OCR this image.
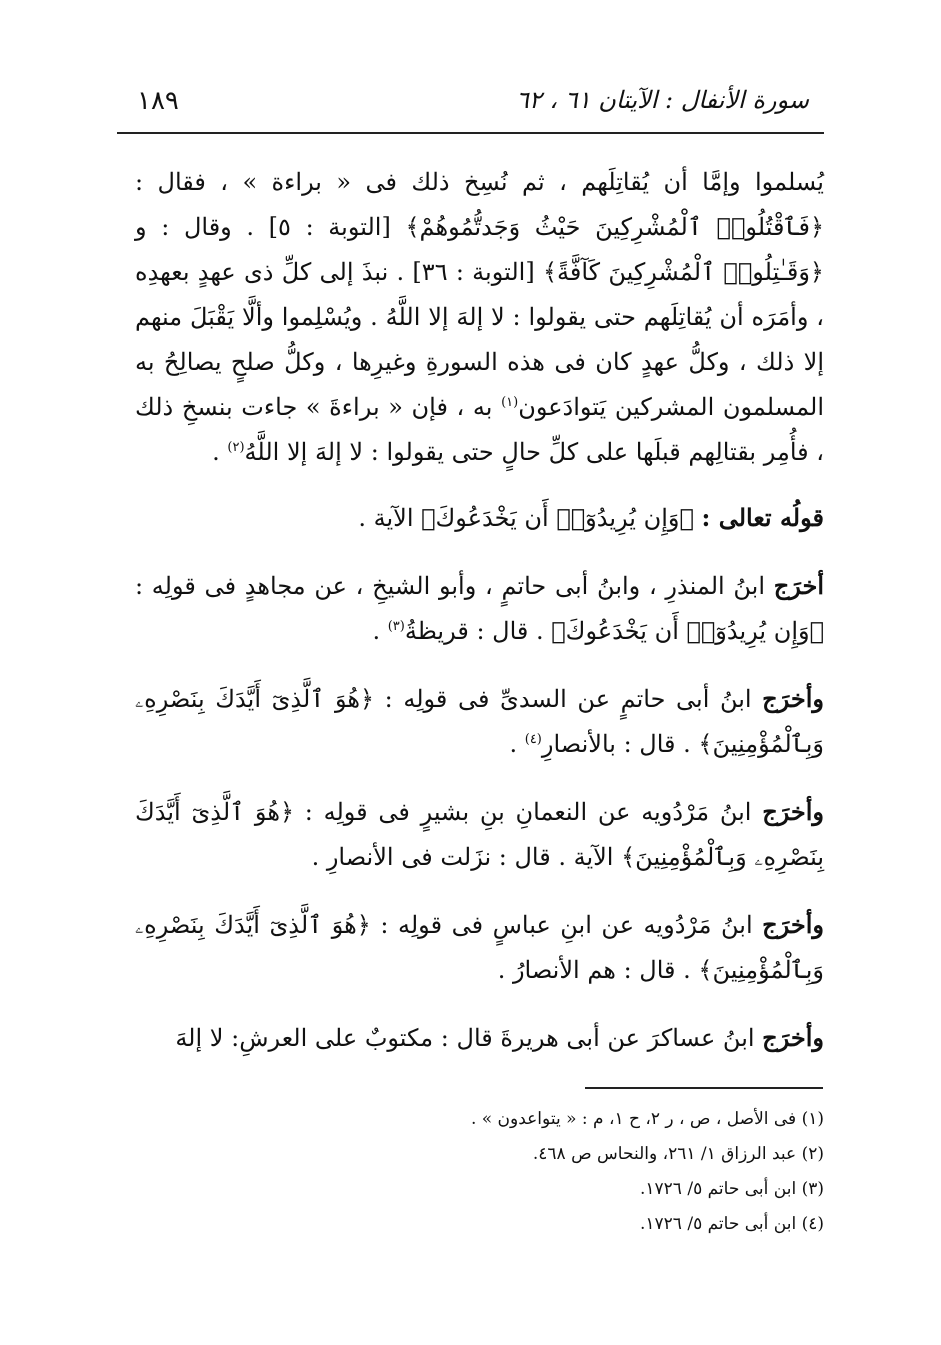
١٨٩	سورة الأنفال : الآيتان ٦١ ، ٦٢

يُسلموا وإمَّا أن يُقاتِلَهم ، ثم نُسِخ ذلك فى « براءة » ، فقال : ﴿فَٱقْتُلُوا۟ ٱلْمُشْرِكِينَ حَيْثُ وَجَدتُّمُوهُمْ﴾ [التوبة : ٥] . وقال : و ﴿وَقَـٰتِلُوا۟ ٱلْمُشْرِكِينَ كَآفَّةً﴾ [التوبة : ٣٦] . نبذَ إلى كلِّ ذى عهدٍ بعهدِه ، وأمَرَه أن يُقاتِلَهم حتى يقولوا : لا إلهَ إلا اللَّهُ . ويُسْلِموا وألَّا يَقْبَلَ منهم إلا ذلك ، وكلُّ عهدٍ كان فى هذه السورةِ وغيرِها ، وكلُّ صلحٍ يصالِحُ به المسلمون المشركين يَتوادَعون$^{(١)}$ به ، فإن « براءةَ » جاءت بنسخِ ذلك ، فأُمِر بقتالِهم قبلَها على كلِّ حالٍ حتى يقولوا : لا إلهَ إلا اللَّهُ$^{(٢)}$ .

قولُه تعالى : ﴿وَإِن يُرِيدُوٓا۟ أَن يَخْدَعُوكَ﴾ الآية .

أخرَج ابنُ المنذرِ ، وابنُ أبى حاتمٍ ، وأبو الشيخِ ، عن مجاهدٍ فى قولِه : ﴿وَإِن يُرِيدُوٓا۟ أَن يَخْدَعُوكَ﴾ . قال : قريظةُ$^{(٣)}$ .

وأخرَج ابنُ أبى حاتمٍ عن السدىِّ فى قولِه : ﴿هُوَ ٱلَّذِىٓ أَيَّدَكَ بِنَصْرِهِۦ وَبِٱلْمُؤْمِنِينَ﴾ . قال : بالأنصارِ$^{(٤)}$ .

وأخرَج ابنُ مَرْدُويه عن النعمانِ بنِ بشيرٍ فى قولِه : ﴿هُوَ ٱلَّذِىٓ أَيَّدَكَ بِنَصْرِهِۦ وَبِٱلْمُؤْمِنِينَ﴾ الآية . قال : نزَلت فى الأنصارِ .

وأخرَج ابنُ مَرْدُويه عن ابنِ عباسٍ فى قولِه : ﴿هُوَ ٱلَّذِىٓ أَيَّدَكَ بِنَصْرِهِۦ وَبِٱلْمُؤْمِنِينَ﴾ . قال : هم الأنصارُ .

وأخرَج ابنُ عساكرَ عن أبى هريرةَ قال : مكتوبٌ على العرشِ: لا إلهَ

(١) فى الأصل ، ص ، ر ٢، ح ١، م : « يتواعدون » .

(٢) عبد الرزاق ١/ ٢٦١، والنحاس ص ٤٦٨.

(٣) ابن أبى حاتم ٥/ ١٧٢٦.

(٤) ابن أبى حاتم ٥/ ١٧٢٦.
